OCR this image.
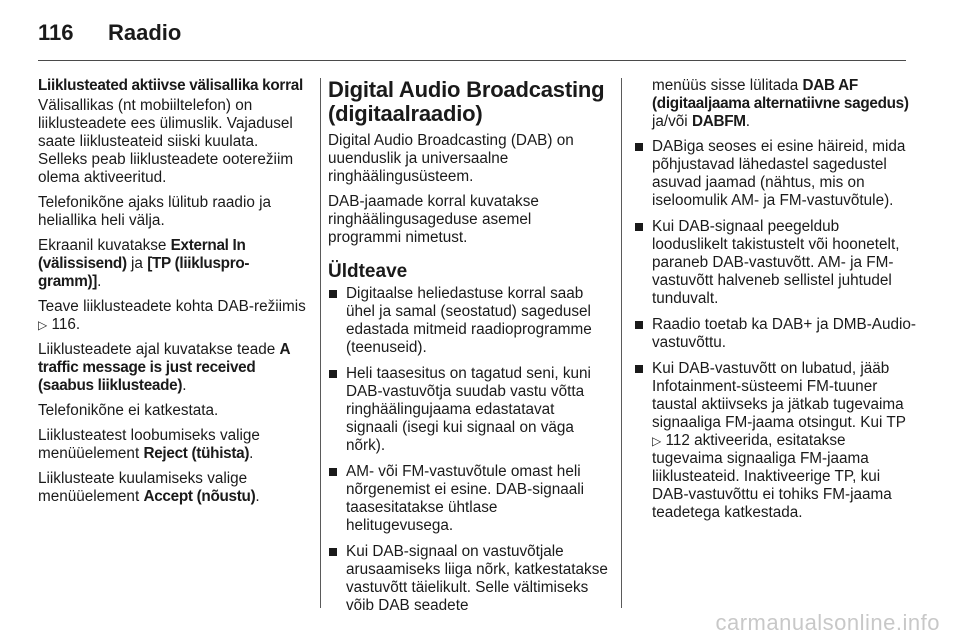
116	Raadio

Liiklusteated aktiivse välisallika korral

Välisallikas (nt mobiiltelefon) on liiklusteadete ees ülimuslik. Vajadusel saate liiklusteateid siiski kuulata. Selleks peab liiklusteadete ooterežiim olema aktiveeritud.

Telefonikõne ajaks lülitub raadio ja heliallika heli välja.

Ekraanil kuvatakse External In (välissisend) ja [TP (liikluspro-gramm)].

Teave liiklusteadete kohta DAB-režiimis ▷ 116.

Liiklusteadete ajal kuvatakse teade A traffic message is just received (saabus liiklusteade).

Telefonikõne ei katkestata.

Liiklusteatest loobumiseks valige menüüelement Reject (tühista).

Liiklusteate kuulamiseks valige menüüelement Accept (nõustu).

Digital Audio Broadcasting (digitaalraadio)

Digital Audio Broadcasting (DAB) on uuenduslik ja universaalne ringhäälingusüsteem.

DAB-jaamade korral kuvatakse ringhäälingusageduse asemel programmi nimetust.

Üldteave
Digitaalse heliedastuse korral saab ühel ja samal (seostatud) sagedusel edastada mitmeid raadioprogramme (teenuseid).
Heli taasesitus on tagatud seni, kuni DAB-vastuvõtja suudab vastu võtta ringhäälingujaama edastatavat signaali (isegi kui signaal on väga nõrk).
AM- või FM-vastuvõtule omast heli nõrgenemist ei esine. DAB-signaali taasesitatakse ühtlase helitugevusega.
Kui DAB-signaal on vastuvõtjale arusaamiseks liiga nõrk, katkestatakse vastuvõtt täielikult. Selle vältimiseks võib DAB seadete

menüüs sisse lülitada DAB AF (digitaaljaama alternatiivne sagedus) ja/või DABFM.

DABiga seoses ei esine häireid, mida põhjustavad lähedastel sagedustel asuvad jaamad (nähtus, mis on iseloomulik AM- ja FM-vastuvõtule).
Kui DAB-signaal peegeldub looduslikelt takistustelt või hoonetelt, paraneb DAB-vastuvõtt. AM- ja FM-vastuvõtt halveneb sellistel juhtudel tunduvalt.
Raadio toetab ka DAB+ ja DMB-Audio-vastuvõttu.
Kui DAB-vastuvõtt on lubatud, jääb Infotainment-süsteemi FM-tuuner taustal aktiivseks ja jätkab tugevaima signaaliga FM-jaama otsingut. Kui TP ▷ 112 aktiveerida, esitatakse tugevaima signaaliga FM-jaama liiklusteateid. Inaktiveerige TP, kui DAB-vastuvõttu ei tohiks FM-jaama teadetega katkestada.
carmanualsonline.info
